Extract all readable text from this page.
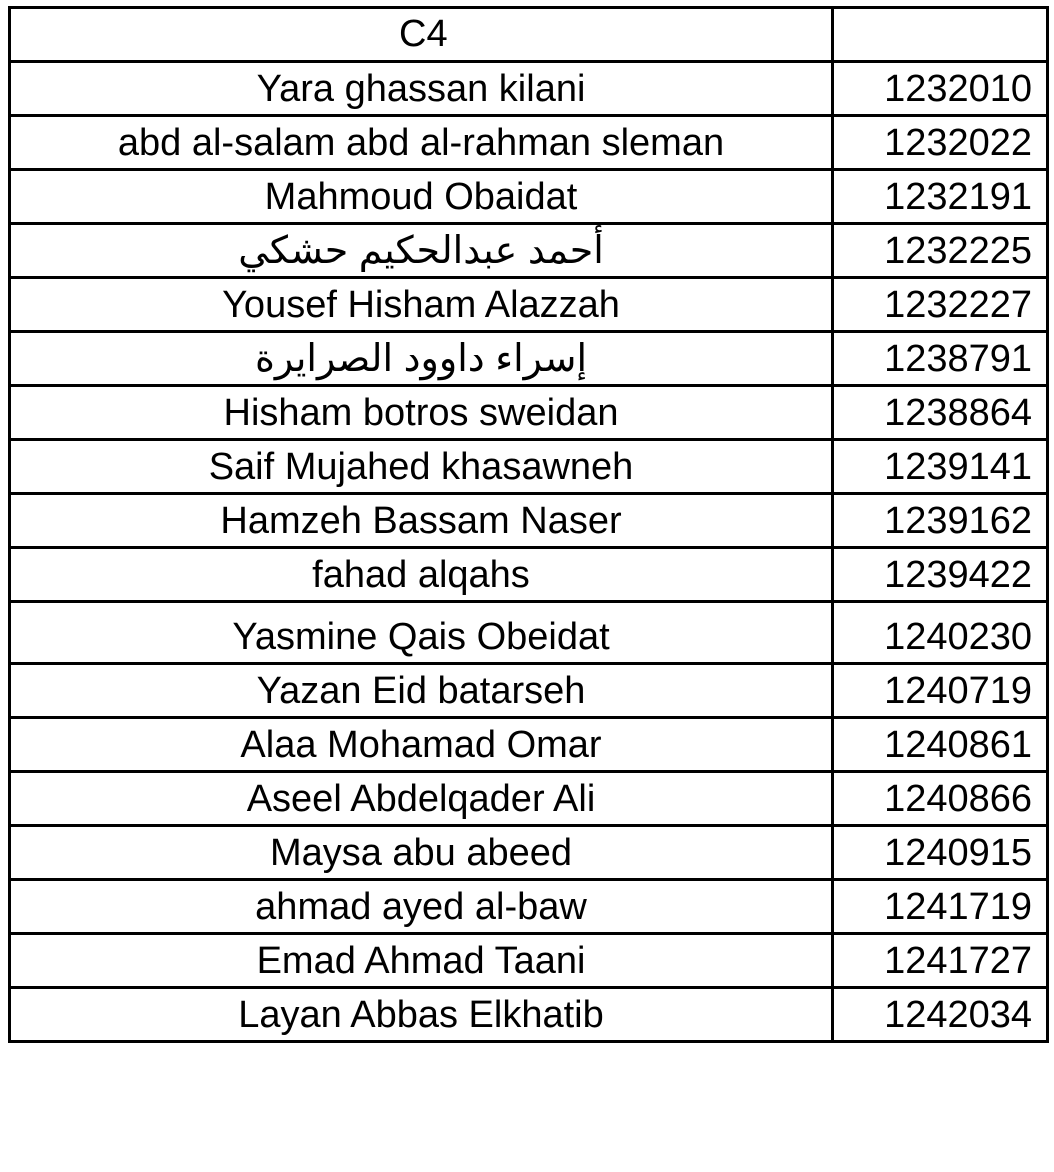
C4	
Yara ghassan kilani	1232010
abd al-salam abd al-rahman sleman	1232022
Mahmoud Obaidat	1232191
أحمد عبدالحكيم حشكي	1232225
Yousef Hisham Alazzah	1232227
إسراء داوود الصرايرة	1238791
Hisham botros sweidan	1238864
Saif Mujahed khasawneh	1239141
Hamzeh Bassam Naser	1239162
fahad alqahs	1239422
Yasmine Qais Obeidat	1240230
Yazan Eid batarseh	1240719
Alaa Mohamad Omar	1240861
Aseel Abdelqader Ali	1240866
Maysa abu abeed	1240915
ahmad ayed al-baw	1241719
Emad Ahmad Taani	1241727
Layan Abbas Elkhatib	1242034
